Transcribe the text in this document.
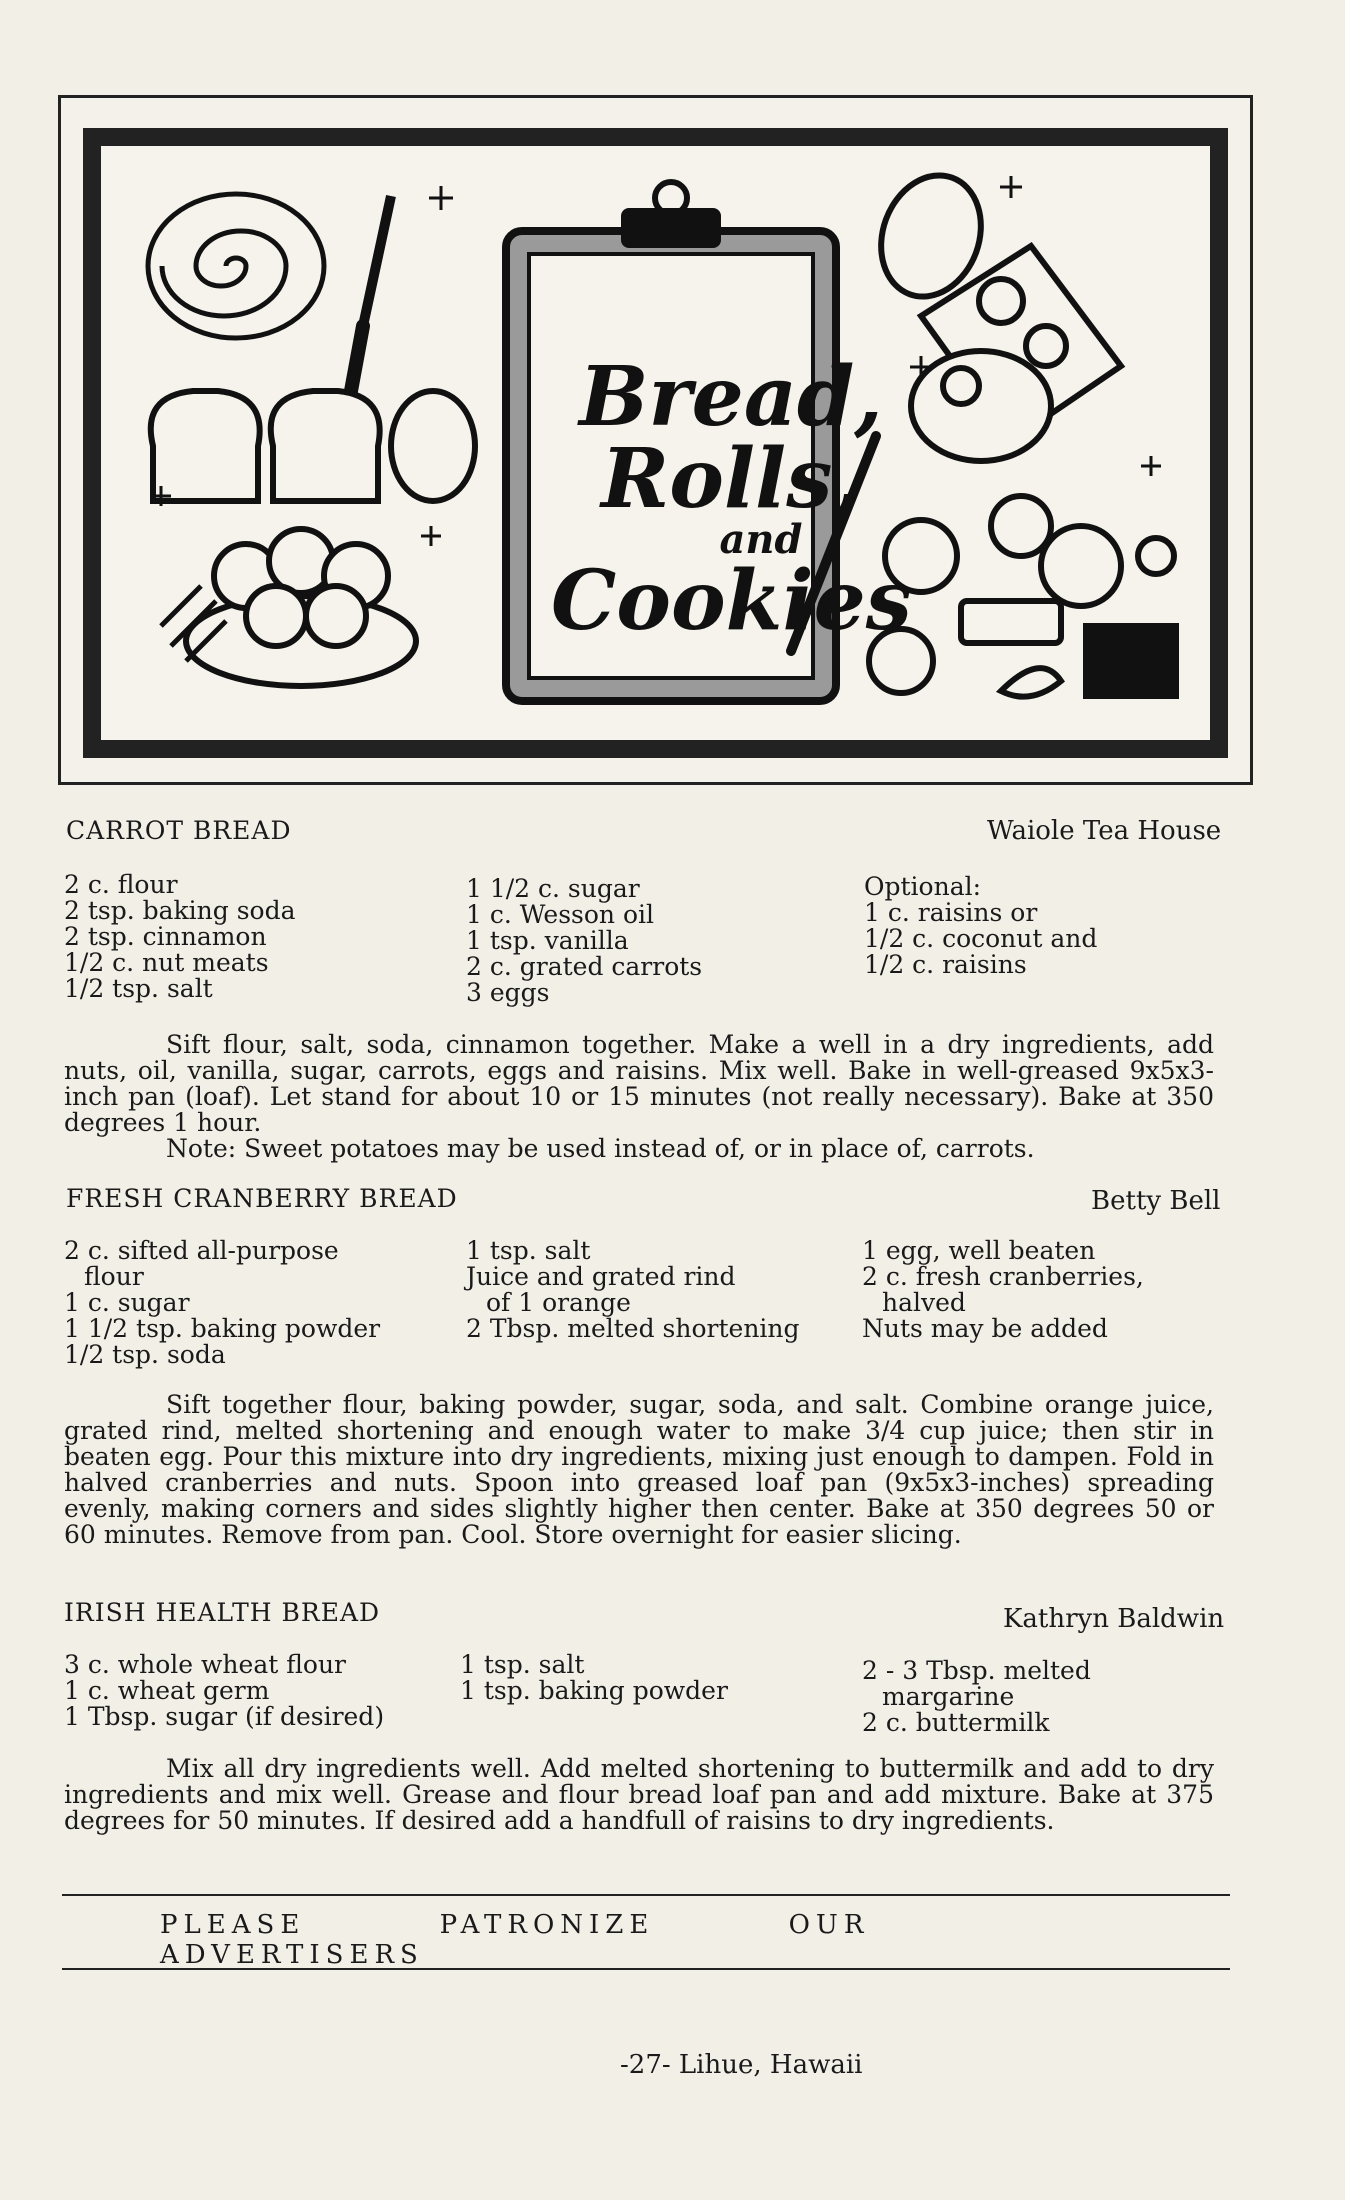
Bread,
Rolls,
and
Cookies
CARROT BREAD	Waiole Tea House
2 c. flour
2 tsp. baking soda
2 tsp. cinnamon
1/2 c. nut meats
1/2 tsp. salt
1 1/2 c. sugar
1 c. Wesson oil
1 tsp. vanilla
2 c. grated carrots
3 eggs
Optional:
1 c. raisins or
1/2 c. coconut and
1/2 c. raisins

Sift flour, salt, soda, cinnamon together. Make a well in a dry ingredients, add nuts, oil, vanilla, sugar, carrots, eggs and raisins. Mix well. Bake in well-greased 9x5x3-inch pan (loaf). Let stand for about 10 or 15 minutes (not really necessary). Bake at 350 degrees 1 hour.

Note: Sweet potatoes may be used instead of, or in place of, carrots.

FRESH CRANBERRY BREAD	Betty Bell
2 c. sifted all-purpose
flour
1 c. sugar
1 1/2 tsp. baking powder
1/2 tsp. soda
1 tsp. salt
Juice and grated rind
of 1 orange
2 Tbsp. melted shortening
1 egg, well beaten
2 c. fresh cranberries,
halved
Nuts may be added

Sift together flour, baking powder, sugar, soda, and salt. Combine orange juice, grated rind, melted shortening and enough water to make 3/4 cup juice; then stir in beaten egg. Pour this mixture into dry ingredients, mixing just enough to dampen. Fold in halved cranberries and nuts. Spoon into greased loaf pan (9x5x3-inches) spreading evenly, making corners and sides slightly higher then center. Bake at 350 degrees 50 or 60 minutes. Remove from pan. Cool. Store overnight for easier slicing.

IRISH HEALTH BREAD	Kathryn Baldwin
3 c. whole wheat flour
1 c. wheat germ
1 Tbsp. sugar (if desired)
1 tsp. salt
1 tsp. baking powder
2 - 3 Tbsp. melted
margarine
2 c. buttermilk

Mix all dry ingredients well. Add melted shortening to buttermilk and add to dry ingredients and mix well. Grease and flour bread loaf pan and add mixture. Bake at 375 degrees for 50 minutes. If desired add a handfull of raisins to dry ingredients.

PLEASE	PATRONIZE	OUR ADVERTISERS
-27- Lihue, Hawaii
